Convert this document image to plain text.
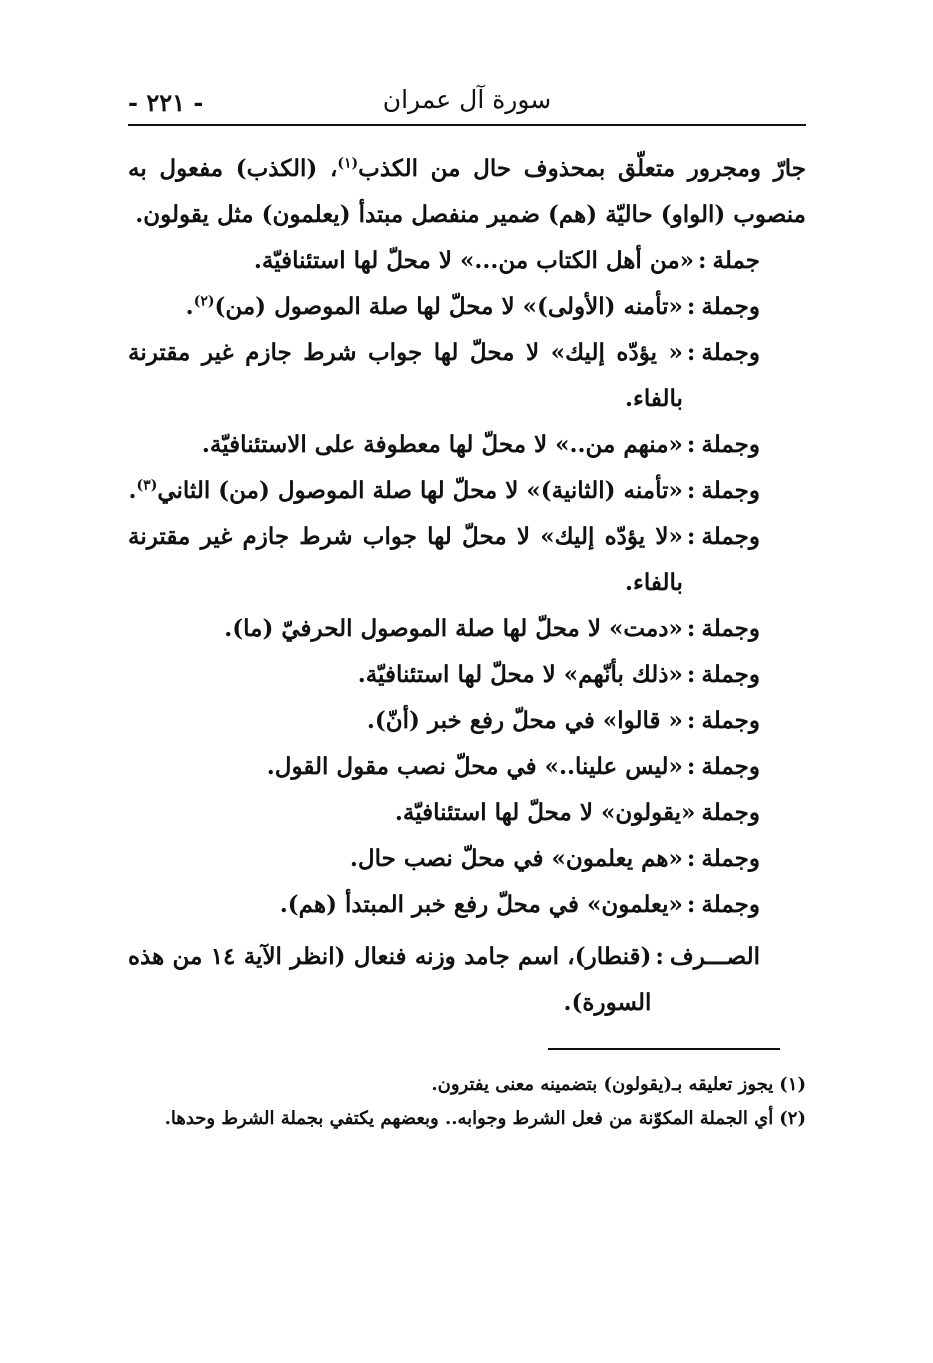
سورة آل عمران
- ٢٢١ -

جارّ ومجرور متعلّق بمحذوف حال من الكذب$^{(١)}$، (الكذب) مفعول به منصوب (الواو) حاليّة (هم) ضمير منفصل مبتدأ (يعلمون) مثل يقولون.

جملة
:
«من أهل الكتاب من...» لا محلّ لها استئنافيّة.
وجملة
:
«تأمنه (الأولى)» لا محلّ لها صلة الموصول (من)$^{(٢)}$.
وجملة
:
« يؤدّه إليك» لا محلّ لها جواب شرط جازم غير مقترنة بالفاء.
وجملة
:
«منهم من..» لا محلّ لها معطوفة على الاستئنافيّة.
وجملة
:
«تأمنه (الثانية)» لا محلّ لها صلة الموصول (من) الثاني$^{(٣)}$.
وجملة
:
«لا يؤدّه إليك» لا محلّ لها جواب شرط جازم غير مقترنة بالفاء.
وجملة
:
«دمت» لا محلّ لها صلة الموصول الحرفيّ (ما).
وجملة
:
«ذلك بأنّهم» لا محلّ لها استئنافيّة.
وجملة
:
« قالوا» في محلّ رفع خبر (أنّ).
وجملة
:
«ليس علينا..» في محلّ نصب مقول القول.
وجملة
«يقولون» لا محلّ لها استئنافيّة.
وجملة
:
«هم يعلمون» في محلّ نصب حال.
وجملة
:
«يعلمون» في محلّ رفع خبر المبتدأ (هم).
الصـــرف
:
(قنطار)، اسم جامد وزنه فنعال (انظر الآية ١٤ من هذه السورة).
(١)
يجوز تعليقه بـ(يقولون) بتضمينه معنى يفترون.
(٢)
أي الجملة المكوّنة من فعل الشرط وجوابه.. وبعضهم يكتفي بجملة الشرط وحدها.
